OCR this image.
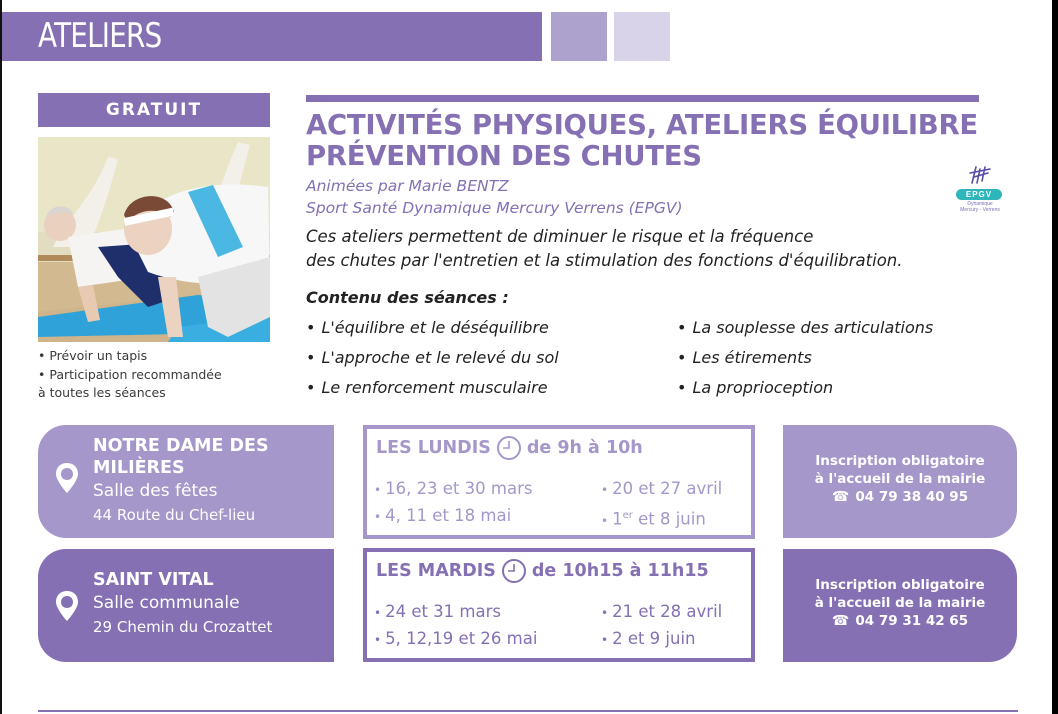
ATELIERS
GRATUIT
• Prévoir un tapis
• Participation recommandée
à toutes les séances
ACTIVITÉS PHYSIQUES, ATELIERS ÉQUILIBRE
PRÉVENTION DES CHUTES
Animées par Marie BENTZ
Sport Santé Dynamique Mercury Verrens (EPGV)
Ces ateliers permettent de diminuer le risque et la fréquence
des chutes par l'entretien et la stimulation des fonctions d'équilibration.
EPGV
Dynamique
Mercury - Verrens
Contenu des séances :
• L'équilibre et le déséquilibre
• L'approche et le relevé du sol
• Le renforcement musculaire
• La souplesse des articulations
• Les étirements
• La proprioception
NOTRE DAME DES MILIÈRES
Salle des fêtes
44 Route du Chef-lieu
LES LUNDIS de 9h à 10h
• 16, 23 et 30 mars
• 4, 11 et 18 mai
• 20 et 27 avril
• 1er et 8 juin
Inscription obligatoire
à l'accueil de la mairie
☎ 04 79 38 40 95
SAINT VITAL
Salle communale
29 Chemin du Crozattet
LES MARDIS de 10h15 à 11h15
• 24 et 31 mars
• 5, 12,19 et 26 mai
• 21 et 28 avril
• 2 et 9 juin
Inscription obligatoire
à l'accueil de la mairie
☎ 04 79 31 42 65
